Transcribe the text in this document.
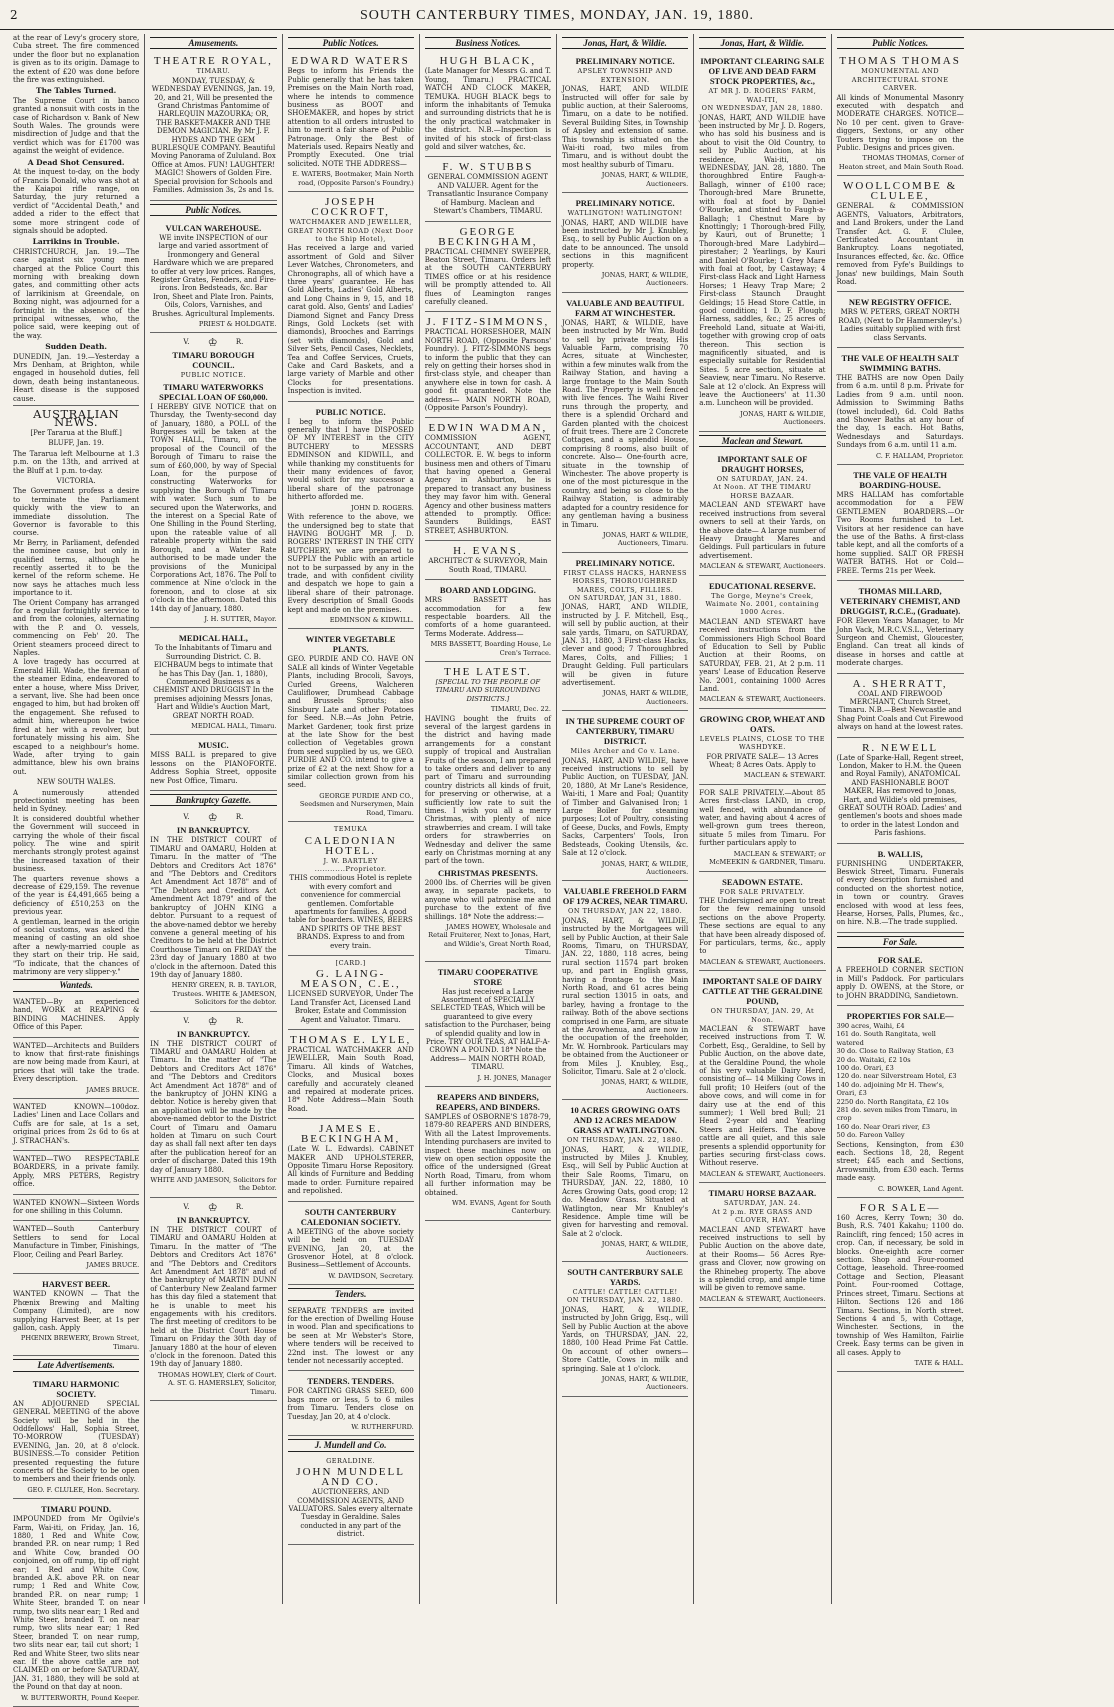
2	SOUTH CANTERBURY TIMES, MONDAY, JAN. 19, 1880.

at the rear of Levy's grocery store, Cuba street. The fire commenced under the floor but no explanation is given as to its origin. Damage to the extent of £20 was done before the fire was extinguished.

The Tables Turned.

The Supreme Court in banco granted a nonsuit with costs in the case of Richardson v. Bank of New South Wales. The grounds were misdirection of Judge and that the verdict which was for £1700 was against the weight of evidence.

A Dead Shot Censured.

At the inquest to-day, on the body of Francis Donald, who was shot at the Kaiapoi rifle range, on Saturday, the jury returned a verdict of "Accidental Death," and added a rider to the effect that some more stringent code of signals should be adopted.

Larrikins in Trouble.

CHRISTCHURCH, Jan. 19.—The case against six young men charged at the Police Court this morning with breaking down gates, and committing other acts of larrikinism at Greendale, on Boxing night, was adjourned for a fortnight in the absence of the principal witnesses, who, the police said, were keeping out of the way.

Sudden Death.

DUNEDIN, Jan. 19.—Yesterday a Mrs Denham, at Brighton, while engaged in household duties, fell down, death being instantaneous. Heart disease is the supposed cause.

AUSTRALIAN NEWS.
[Per Tararua at the Bluff.]
BLUFF, Jan. 19.

The Tararua left Melbourne at 1.3 p.m. on the 13th, and arrived at the Bluff at 1 p.m. to-day.

VICTORIA.

The Government profess a desire to terminate the Parliament quickly with the view to an immediate dissolution. The Governor is favorable to this course.

Mr Berry, in Parliament, defended the nominee cause, but only in qualified terms, although he recently asserted it to be the kernel of the reform scheme. He now says he attaches much less importance to it.

The Orient Company has arranged for a regular fortnightly service to and from the colonies, alternating with the P. and O. vessels, commencing on Feb' 20. The Orient steamers proceed direct to Naples.

A love tragedy has occurred at Emerald Hill. Wade, the fireman of the steamer Edina, endeavored to enter a house, where Miss Driver, a servant, live. She had been once engaged to him, but had broken off the engagement. She refused to admit him, whereupon he twice fired at her with a revolver, but fortunately missing his aim. She escaped to a neighbour's home. Wade, after trying to gain admittance, blew his own brains out.

NEW SOUTH WALES.

A numerously attended protectionist meeting has been held in Sydney.

It is considered doubtful whether the Government will succeed in carrying the whole of their fiscal policy. The wine and spirit merchants strongly protest against the increased taxation of their business.

The quarters revenue shows a decrease of £29,159. The revenue of the year is £4,491,665 being a deficiency of £510,253 on the previous year.

A gentleman, learned in the origin of social customs, was asked the meaning of casting an old shoe after a newly-married couple as they start on their trip. He said, "To indicate, that the chances of matrimony are very slipper-y."

Wanteds.

WANTED—By an experienced hand, WORK at REAPING & BINDING MACHINES. Apply Office of this Paper.

WANTED—Architects and Builders to know that first-rate finishings are now being made from Kauri, at prices that will take the trade. Every description.

JAMES BRUCE.

WANTED KNOWN—100doz. Ladies' Linen and Lace Collars and Cuffs are for sale, at 1s a set, original prices from 2s 6d to 6s at J. STRACHAN's.

WANTED—TWO RESPECTABLE BOARDERS, in a private family. Apply, MRS PETERS, Registry office.

WANTED KNOWN—Sixteen Words for one shilling in this Column.

WANTED—South Canterbury Settlers to send for Local Manufacture in Timber, Finishings, Floor, Ceiling and Pearl Barley.

JAMES BRUCE.
HARVEST BEER.

WANTED KNOWN — That the Phœnix Brewing and Malting Company (Limited), are now supplying Harvest Beer, at 1s per gallon, cash. Apply

PHŒNIX BREWERY, Brown Street, Timaru.
Late Advertisements.
TIMARU HARMONIC SOCIETY.

AN ADJOURNED SPECIAL GENERAL MEETING of the above Society will be held in the Oddfellows' Hall, Sophia Street, TO-MORROW (TUESDAY) EVENING, Jan. 20, at 8 o'clock. BUSINESS.—To consider Petition presented requesting the future concerts of the Society to be open to members and their friends only.

GEO. F. CLULEE, Hon. Secretary.
TIMARU POUND.

IMPOUNDED from Mr Ogilvie's Farm, Wai-iti, on Friday, Jan. 16, 1880, 1 Red and White Cow, branded P.R. on near rump; 1 Red and White Cow, branded OO conjoined, on off rump, tip off right ear; 1 Red and White Cow, branded A.K. above P.R. on near rump; 1 Red and White Cow, branded P.R. on near rump; 1 White Steer, branded T. on near rump, two slits near ear; 1 Red and White Steer, branded T. on near rump, two slits near ear; 1 Red Steer, branded T. on near rump, two slits near ear, tail cut short; 1 Red and White Steer, two slits near ear. If the above cattle are not CLAIMED on or before SATURDAY, JAN. 31, 1880, they will be sold at the Pound on that day at noon.

W. BUTTERWORTH, Pound Keeper.
Amusements.
THEATRE ROYAL,
TIMARU.

MONDAY, TUESDAY, & WEDNESDAY EVENINGS, Jan. 19, 20, and 21, Will be presented the Grand Christmas Pantomime of HARLEQUIN MAZOURKA; OR, THE BASKET-MAKER AND THE DEMON MAGICIAN. By Mr J. F. HYDES AND THE GEM BURLESQUE COMPANY. Beautiful Moving Panorama of Zululand. Box Office at Amos. FUN! LAUGHTER! MAGIC! Showers of Golden Fire. Special provision for Schools and Families. Admission 3s, 2s and 1s.

Public Notices.
VULCAN WAREHOUSE.

WE invite INSPECTION of our large and varied assortment of Ironmongery and General Hardware which we are prepared to offer at very low prices. Ranges, Register Grates, Fenders, and Fire-irons. Iron Bedsteads, &c. Bar Iron, Sheet and Plate Iron. Paints, Oils, Colors, Varnishes, and Brushes. Agricultural Implements.

PRIEST & HOLDGATE.
V. ♔	R.
TIMARU BOROUGH COUNCIL.
PUBLIC NOTICE.
TIMARU WATERWORKS SPECIAL LOAN OF £60,000.

I HEREBY GIVE NOTICE that on Thursday, the Twenty-second day of January, 1880, a POLL of the Burgesses will be taken at the TOWN HALL, Timaru, on the proposal of the Council of the Borough of Timaru to raise the sum of £60,000, by way of Special Loan, for the purpose of constructing Waterworks for supplying the Borough of Timaru with water. Such sum to be secured upon the Waterworks, and the interest on a Special Rate of One Shilling in the Pound Sterling, upon the rateable value of all rateable property within the said Borough, and a Water Rate authorised to be made under the provisions of the Municipal Corporations Act, 1876. The Poll to commence at Nine o'clock in the forenoon, and to close at six o'clock in the afternoon. Dated this 14th day of January, 1880.

J. H. SUTTER, Mayor.
MEDICAL HALL,

To the Inhabitants of Timaru and Surrounding District. C. B. EICHBAUM begs to intimate that he has This Day (Jan. 1, 1880), Commenced Business as a CHEMIST AND DRUGGIST In the premises adjoining Messrs Jonas, Hart and Wildie's Auction Mart, GREAT NORTH ROAD.

MEDICAL HALL, Timaru.
MUSIC.

MISS BALL is prepared to give lessons on the PIANOFORTE. Address Sophia Street, opposite new Post Office, Timaru.

Bankruptcy Gazette.
V. ♔	R.
IN BANKRUPTCY.

IN THE DISTRICT COURT of TIMARU and OAMARU, Holden at Timaru. In the matter of "The Debtors and Creditors Act 1876" and "The Debtors and Creditors Act Amendment Act 1878" and of "The Debtors and Creditors Act Amendment Act 1879" and of the bankruptcy of JOHN KING a debtor. Pursuant to a request of the above-named debtor we hereby convene a general meeting of his Creditors to be held at the District Courthouse Timaru on FRIDAY the 23rd day of January 1880 at two o'clock in the afternoon. Dated this 19th day of January 1880.

HENRY GREEN, R. B. TAYLOR, Trustees. WHITE & JAMESON, Solicitors for the debtor.
V. ♔	R.
IN BANKRUPTCY.

IN THE DISTRICT COURT of TIMARU and OAMARU Holden at Timaru. In the matter of "The Debtors and Creditors Act 1876" and "The Debtors and Creditors Act Amendment Act 1878" and of the bankruptcy of JOHN KING a debtor. Notice is hereby given that an application will be made by the above-named debtor to the District Court of Timaru and Oamaru holden at Timaru on such Court day as shall fall next after ten days after the publication hereof for an order of discharge. Dated this 19th day of January 1880.

WHITE AND JAMESON, Solicitors for the Debtor.
V. ♔	R.
IN BANKRUPTCY.

IN THE DISTRICT COURT of TIMARU and OAMARU Holden at Timaru. In the matter of "The Debtors and Creditors Act 1876" and "The Debtors and Creditors Act Amendment Act 1878" and of the bankruptcy of MARTIN DUNN of Canterbury New Zealand farmer has this day filed a statement that he is unable to meet his engagements with his creditors. The first meeting of creditors to be held at the District Court House Timaru on Friday the 30th day of January 1880 at the hour of eleven o'clock in the forenoon. Dated this 19th day of January 1880.

THOMAS HOWLEY, Clerk of Court. A. ST. G. HAMERSLEY, Solicitor, Timaru.
Public Notices.
EDWARD WATERS

Begs to inform his Friends the Public generally that he has taken Premises on the Main North road, where he intends to commence business as BOOT and SHOEMAKER, and hopes by strict attention to all orders intrusted to him to merit a fair share of Public Patronage. Only the Best of Materials used. Repairs Neatly and Promptly Executed. One trial solicited. NOTE THE ADDRESS—

E. WATERS, Bootmaker, Main North road, (Opposite Parson's Foundry.)
JOSEPH COCKROFT,
WATCHMAKER AND JEWELLER,
GREAT NORTH ROAD (Next Door to the Ship Hotel),

Has received a large and varied assortment of Gold and Silver Lever Watches, Chronometers, and Chronographs, all of which have a three years' guarantee. He has Gold Alberts, Ladies' Gold Alberts, and Long Chains in 9, 15, and 18 carat gold. Also, Gents' and Ladies' Diamond Signet and Fancy Dress Rings, Gold Lockets (set with diamonds), Brooches and Earrings (set with diamonds), Gold and Silver Sets, Pencil Cases, Necklets, Tea and Coffee Services, Cruets, Cake and Card Baskets, and a large variety of Marble and other Clocks for presentations. Inspection is invited.

PUBLIC NOTICE.

I beg to inform the Public generally that I have DISPOSED OF MY INTEREST in the CITY BUTCHERY to MESSRS EDMINSON and KIDWILL, and while thanking my constituents for their many evidences of favor, would solicit for my successor a liberal share of the patronage hitherto afforded me.

JOHN D. ROGERS.

With reference to the above, we the undersigned beg to state that HAVING BOUGHT MR J. D. ROGERS' INTEREST IN THE CITY BUTCHERY, we are prepared to SUPPLY the Public with an article not to be surpassed by any in the trade, and with confident civility and despatch we hope to gain a liberal share of their patronage. Every description of Small Goods kept and made on the premises.

EDMINSON & KIDWILL.
WINTER VEGETABLE PLANTS.

GEO. PURDIE AND CO. HAVE ON SALE all kinds of Winter Vegetable Plants, including Brocoli, Savoys, Curled Greens, Walcheren Cauliflower, Drumhead Cabbage and Brussels Sprouts; also Sinsbury Late and other Potatoes for Seed. N.B.—As John Petrie, Market Gardener, took first prize at the late Show for the best collection of Vegetables grown from seed supplied by us, we GEO. PURDIE AND CO. intend to give a prize of £2 at the next Show for a similar collection grown from his seed.

GEORGE PURDIE AND CO., Seedsmen and Nurserymen, Main Road, Timaru.
TEMUKA
CALEDONIAN HOTEL.
J. W. BARTLEY ............Proprietor.

THIS commodious Hotel is replete with every comfort and convenience for commercial gentlemen. Comfortable apartments for families. A good table for boarders. WINES, BEERS AND SPIRITS OF THE BEST BRANDS. Express to and from every train.

[CARD.]
G. LAING-MEASON, C.E.,

LICENSED SURVEYOR, Under The Land Transfer Act, Licensed Land Broker, Estate and Commission Agent and Valuator. Timaru.

THOMAS E. LYLE,

PRACTICAL WATCHMAKER AND JEWELLER, Main South Road, Timaru. All kinds of Watches, Clocks, and Musical boxes carefully and accurately cleaned and repaired at moderate prices. 18* Note Address—Main South Road.

JAMES E. BECKINGHAM,

(Late W. L. Edwards). CABINET MAKER AND UPHOLSTERER, Opposite Timaru Horse Repository. All kinds of Furniture and Bedding made to order. Furniture repaired and repolished.

SOUTH CANTERBURY CALEDONIAN SOCIETY.

A MEETING of the above society will be held on TUESDAY EVENING, Jan 20, at the Grosvenor Hotel, at 8 o'clock. Business—Settlement of Accounts.

W. DAVIDSON, Secretary.
Tenders.

SEPARATE TENDERS are invited for the erection of Dwelling House in wood. Plan and specifications to be seen at Mr Webster's Store, where tenders will be received to 22nd inst. The lowest or any tender not necessarily accepted.

TENDERS. TENDERS.

FOR CARTING GRASS SEED, 600 bags more or less, 5 to 6 miles from Timaru. Tenders close on Tuesday, Jan 20, at 4 o'clock.

W. RUTHERFURD.
J. Mundell and Co.
GERALDINE.
JOHN MUNDELL AND CO.

AUCTIONEERS, AND COMMISSION AGENTS, AND VALUATORS. Sales every alternate Tuesday in Geraldine. Sales conducted in any part of the district.

Business Notices.
HUGH BLACK,

(Late Manager for Messrs G. and T. Young, Timaru.) PRACTICAL WATCH AND CLOCK MAKER, TEMUKA. HUGH BLACK begs to inform the inhabitants of Temuka and surrounding districts that he is the only practical watchmaker in the district. N.B.—Inspection is invited of his stock of first-class gold and silver watches, &c.

F. W. STUBBS

GENERAL COMMISSION AGENT AND VALUER. Agent for the Transatlantic Insurance Company of Hamburg. Maclean and Stewart's Chambers, TIMARU.

GEORGE BECKINGHAM,

PRACTICAL CHIMNEY SWEEPER, Beaton Street, Timaru. Orders left at the SOUTH CANTERBURY TIMES office or at his residence will be promptly attended to. All flues of Leamington ranges carefully cleaned.

J. FITZ-SIMMONS,

PRACTICAL HORSESHOER, MAIN NORTH ROAD, (Opposite Parsons' Foundry). J. FITZ-SIMMONS begs to inform the public that they can rely on getting their horses shod in first-class style, and cheaper than anywhere else in town for cash. A good fit guaranteed. Note the address— MAIN NORTH ROAD, (Opposite Parson's Foundry).

EDWIN WADMAN,

COMMISSION AGENT, ACCOUNTANT, AND DEBT COLLECTOR. E. W. begs to inform business men and others of Timaru that having opened a General Agency in Ashburton, he is prepared to transact any business they may favor him with. General Agency and other business matters attended to promptly. Office: Saunders Buildings, EAST STREET, ASHBURTON.

H. EVANS,

ARCHITECT & SURVEYOR, Main South Road, TIMARU.

BOARD AND LODGING.

MRS BASSETT has accommodation for a few respectable boarders. All the comforts of a home guaranteed. Terms Moderate. Address—

MRS BASSETT, Boarding House, Le Cren's Terrace.
THE LATEST.
[SPECIAL TO THE PEOPLE OF TIMARU AND SURROUNDING DISTRICTS.]
TIMARU, Dec. 22.

HAVING bought the fruits of several of the largest gardens in the district and having made arrangements for a constant supply of tropical and Australian Fruits of the season, I am prepared to take orders and deliver to any part of Timaru and surrounding country districts all kinds of fruit, for preserving or otherwise, at a sufficiently low rate to suit the times. I wish you all a merry Christmas, with plenty of nice strawberries and cream. I will take orders for strawberries on Wednesday and deliver the same early on Christmas morning at any part of the town.

CHRISTMAS PRESENTS.

2000 lbs. of Cherries will be given away, in separate packets, to anyone who will patronise me and purchase to the extent of five shillings. 18* Note the address:—

JAMES HOWEY, Wholesale and Retail Fruiterer, Next to Jonas, Hart, and Wildie's, Great North Road, Timaru.
TIMARU COOPERATIVE STORE

Has just received a Large Assortment of SPECIALLY SELECTED TEAS, Which will be guaranteed to give every satisfaction to the Purchaser, being of splendid quality and low in Price. TRY OUR TEAS, AT HALF-A-CROWN A POUND. 18* Note the Address— MAIN NORTH ROAD, TIMARU.

J. H. JONES, Manager
REAPERS AND BINDERS, REAPERS, AND BINDERS.

SAMPLES of OSBORNE'S 1878-79, 1879-80 REAPERS AND BINDERS, With all the Latest Improvements. Intending purchasers are invited to inspect these machines now on view on open section opposite the office of the undersigned (Great North Road, Timaru, from whom all further information may be obtained.

WM. EVANS, Agent for South Canterbury.
Jonas, Hart, & Wildie.
PRELIMINARY NOTICE.
APSLEY TOWNSHIP AND EXTENSION.

JONAS, HART, AND WILDIE Instructed will offer for sale by public auction, at their Salerooms, Timaru, on a date to be notified. Several Building Sites, in Township of Apsley and extension of same. This township is situated on the Wai-iti road, two miles from Timaru, and is without doubt the most healthy suburb of Timaru.

JONAS, HART, & WILDIE, Auctioneers.
PRELIMINARY NOTICE.
WATLINGTON! WATLINGTON!

JONAS, HART, AND WILDIE have been instructed by Mr J. Knubley, Esq., to sell by Public Auction on a date to be announced. The unsold sections in this magnificent property.

JONAS, HART, & WILDIE, Auctioneers.
VALUABLE AND BEAUTIFUL FARM AT WINCHESTER.

JONAS, HART, & WILDIE, have been instructed by Mr Wm. Budd to sell by private treaty, His Valuable Farm, comprising 70 Acres, situate at Winchester, within a few minutes walk from the Railway Station, and having a large frontage to the Main South Road. The Property is well fenced with live fences. The Waihi River runs through the property, and there is a splendid Orchard and Garden planted with the choicest of fruit trees. There are 2 Concrete Cottages, and a splendid House, comprising 8 rooms, also built of concrete. Also— One-fourth acre, situate in the township of Winchester. The above property is one of the most picturesque in the country, and being so close to the Railway Station, is admirably adapted for a country residence for any gentleman having a business in Timaru.

JONAS, HART & WILDIE, Auctioneers, Timaru.
PRELIMINARY NOTICE.
FIRST CLASS HACKS, HARNESS HORSES, THOROUGHBRED MARES, COLTS, FILLIES.
ON SATURDAY, JAN 31, 1880.

JONAS, HART, AND WILDIE, instructed by J. F. Mitchell, Esq., will sell by public auction, at their sale yards, Timaru, on SATURDAY, JAN. 31, 1880, 3 First-class Hacks, clever and good; 7 Thoroughbred Mares, Colts, and Fillies; 1 Draught Gelding. Full particulars will be given in future advertisement.

JONAS, HART & WILDIE, Auctioneers.
IN THE SUPREME COURT OF CANTERBURY, TIMARU DISTRICT.
Miles Archer and Co v. Lane.

JONAS, HART, AND WILDIE, have received instructions to sell by Public Auction, on TUESDAY, JAN. 20, 1880, At Mr Lane's Residence, Wai-iti, 1 Mare and Foal; Quantity of Timber and Galvanised Iron; 1 Large Boiler for steaming purposes; Lot of Poultry, consisting of Geese, Ducks, and Fowls, Empty Sacks, Carpenters' Tools, Iron Bedsteads, Cooking Utensils, &c. Sale at 12 o'clock.

JONAS, HART, & WILDIE, Auctioneers.
VALUABLE FREEHOLD FARM OF 179 ACRES, NEAR TIMARU.
ON THURSDAY, JAN 22, 1880.

JONAS, HART, & WILDIE, instructed by the Mortgagees will sell by Public Auction, at their Sale Rooms, Timaru, on THURSDAY, JAN. 22, 1880, 118 acres, being rural section 11574 part broken up, and part in English grass, having a frontage to the Main North Road, and 61 acres being rural section 13015 in oats, and barley, having a frontage to the railway. Both of the above sections comprised in one Farm, are situate at the Arowhenua, and are now in the occupation of the freeholder, Mr. W. Hornbrook. Particulars may be obtained from the Auctioneer or from Miles J. Knubley, Esq., Solicitor, Timaru. Sale at 2 o'clock.

JONAS, HART, & WILDIE, Auctioneers.
10 ACRES GROWING OATS AND 12 ACRES MEADOW GRASS AT WATLINGTON.
ON THURSDAY, JAN. 22, 1880.

JONAS, HART, & WILDIE, instructed by Miles J. Knubley, Esq., will Sell by Public Auction at their Sale Rooms, Timaru, on THURSDAY, JAN. 22, 1880, 10 Acres Growing Oats, good crop; 12 do. Meadow Grass. Situated at Watlington, near Mr Knubley's Residence. Ample time will be given for harvesting and removal. Sale at 2 o'clock.

JONAS, HART, & WILDIE, Auctioneers.
SOUTH CANTERBURY SALE YARDS.
CATTLE! CATTLE! CATTLE!
ON THURSDAY, JAN. 22, 1880.

JONAS, HART, & WILDIE, instructed by John Grigg, Esq., will Sell by Public Auction at the above Yards, on THURSDAY, JAN. 22, 1880, 100 Head Prime Fat Cattle. On account of other owners— Store Cattle, Cows in milk and springing. Sale at 1 o'clock.

JONAS, HART, & WILDIE, Auctioneers.
Jonas, Hart, & Wildie.
IMPORTANT CLEARING SALE OF LIVE AND DEAD FARM STOCK PROPERTIES, &c.,
AT MR J. D. ROGERS' FARM, WAI-ITI,
ON WEDNESDAY, JAN 28, 1880.

JONAS, HART, AND WILDIE have been instructed by Mr J. D. Rogers, who has sold his business and is about to visit the Old Country, to sell by Public Auction, at his residence, Wai-iti, on WEDNESDAY, JAN. 28, 1880. The thoroughbred Entire Faugh-a-Ballagh, winner of £100 race; Thorough-bred Mare Brunette, with foal at foot by Daniel O'Rourke, and stinted to Faugh-a-Ballagh; 1 Chestnut Mare by Knottingly; 1 Thorough-bred Filly, by Kauri, out of Brunette; 1 Thorough-bred Mare Ladybird—pirestaher; 2 Yearlings, by Kauri and Daniel O'Rourke; 1 Grey Mare with foal at foot, by Castaway; 4 First-class Hack and Light Harness Horses; 1 Heavy Trap Mare; 2 First-class Staunch Draught Geldings; 15 Head Store Cattle, in good condition; 1 D. F. Plough; Harness, saddles, &c.; 25 acres of Freehold Land, situate at Wai-iti, together with growing crop of oats thereon. This section is magnificently situated, and is especially suitable for Residential Sites. 5 acre section, situate at Seaview, near Timaru. No Reserve. Sale at 12 o'clock. An Express will leave the Auctioneers' at 11.30 a.m. Luncheon will be provided.

JONAS, HART & WILDIE, Auctioneers.
Maclean and Stewart.
IMPORTANT SALE OF DRAUGHT HORSES,
ON SATURDAY, JAN. 24.
At Noon. AT THE TIMARU HORSE BAZAAR.

MACLEAN AND STEWART have received instructions from several owners to sell at their Yards, on the above date— A large number of Heavy Draught Mares and Geldings. Full particulars in future advertisement.

MACLEAN & STEWART, Auctioneers.
EDUCATIONAL RESERVE.
The Gorge, Meyne's Creek, Waimate No. 2001, containing 1000 Acres.

MACLEAN AND STEWART have received instructions from the Commissioners High School Board of Education to Sell by Public Auction at their Rooms, on SATURDAY, FEB. 21, At 2 p.m. 11 years' Lease of Education Reserve No. 2001, containing 1000 Acres Land.

MACLEAN & STEWART, Auctioneers.
GROWING CROP, WHEAT AND OATS.
LEVELS PLAINS, CLOSE TO THE WASHDYKE.

FOR PRIVATE SALE— 13 Acres Wheat; 8 Acres Oats. Apply to

MACLEAN & STEWART.

FOR SALE PRIVATELY.—About 85 Acres first-class LAND, in crop, well fenced, with abundance of water, and having about 4 acres of well-grown gum trees thereon, situate 5 miles from Timaru. For further particulars apply to

MACLEAN & STEWART; or McMEEKIN & GARDNER, Timaru.
SEADOWN ESTATE.
FOR SALE PRIVATELY.

THE Undersigned are open to treat for the few remaining unsold sections on the above Property. These sections are equal to any that have been already disposed of. For particulars, terms, &c., apply to

MACLEAN & STEWART, Auctioneers.
IMPORTANT SALE OF DAIRY CATTLE AT THE GERALDINE POUND,
ON THURSDAY, JAN. 29, At Noon.

MACLEAN & STEWART have received instructions from T. W. Corbett, Esq., Geraldine, to Sell by Public Auction, on the above date, at the Geraldine Pound, the whole of his very valuable Dairy Herd, consisting of— 14 Milking Cows in full profit; 10 Heifers (out of the above cows, and will come in for dairy use at the end of this summer); 1 Well bred Bull; 21 Head 2-year old and Yearling Steers and Heifers. The above cattle are all quiet, and this sale presents a splendid opportunity for parties securing first-class cows. Without reserve.

MACLEAN & STEWART, Auctioneers.
TIMARU HORSE BAZAAR.
SATURDAY, JAN. 24.
At 2 p.m. RYE GRASS AND CLOVER, HAY.

MACLEAN AND STEWART have received instructions to sell by Public Auction on the above date, at their Rooms— 56 Acres Rye-grass and Clover, now growing on the Rhinebeg property. The above is a splendid crop, and ample time will be given to remove same.

MACLEAN & STEWART, Auctioneers.
Public Notices.
THOMAS THOMAS
MONUMENTAL AND ARCHITECTURAL STONE CARVER.

All kinds of Monumental Masonry executed with despatch and MODERATE CHARGES. NOTICE—No 10 per cent. given to Grave-diggers, Sextons, or any other Touters trying to impose on the Public. Designs and prices given.

THOMAS THOMAS, Corner of Heaton street, and Main South Road.
WOOLLCOMBE & CLULEE,

GENERAL & COMMISSION AGENTS, Valuators, Arbitrators, and Land Brokers, under the Land Transfer Act. G. F. Clulee, Certificated Accountant in Bankruptcy. Loans negotiated, Insurances effected, &c. &c. Office removed from Fyfe's Buildings to Jonas' new buildings, Main South Road.

NEW REGISTRY OFFICE.

MRS W. PETERS, GREAT NORTH ROAD, (Next to Dr Hammersley's.) Ladies suitably supplied with first class Servants.

THE VALE OF HEALTH SALT SWIMMING BATHS.

THE BATHS are now Open Daily from 6 a.m. until 8 p.m. Private for Ladies from 9 a.m. until noon. Admission to Swimming Baths (towel included), 6d. Cold Baths and Shower Baths at any hour of the day, 1s each. Hot Baths, Wednesdays and Saturdays. Sundays from 6 a.m. until 11 a.m.

C. F. HALLAM, Proprietor.
THE VALE OF HEALTH BOARDING-HOUSE.

MRS HALLAM has comfortable accommodation for a FEW GENTLEMEN BOARDERS.—Or Two Rooms furnished to Let. Visitors at her residence can have the use of the Baths. A first-class table kept, and all the comforts of a home supplied. SALT OR FRESH WATER BATHS. Hot or Cold—FREE. Terms 21s per Week.

THOMAS MILLARD, VETERINARY CHEMIST, AND DRUGGIST, R.C.E., (Graduate).

FOR Eleven Years Manager, to Mr John Vack, M.R.C.V.S.L., Veterinary Surgeon and Chemist, Gloucester, England. Can treat all kinds of disease in horses and cattle at moderate charges.

A. SHERRATT,

COAL AND FIREWOOD MERCHANT, Church Street, Timaru. N.B.—Best Newcastle and Shag Point Coals and Cut Firewood always on hand at the lowest rates.

R. NEWELL

(Late of Sparke-Hall, Regent street, London, Maker to H.M. the Queen and Royal Family), ANATOMICAL AND FASHIONABLE BOOT MAKER, Has removed to Jonas, Hart, and Wildie's old premises, GREAT SOUTH ROAD. Ladies' and gentlemen's boots and shoes made to order in the latest London and Paris fashions.

B. WALLIS,

FURNISHING UNDERTAKER, Beswick Street, Timaru. Funerals of every description furnished and conducted on the shortest notice, in town or country. Graves enclosed with wood at less fees, Hearse, Horses, Palls, Plumes, &c., on hire. N.B.—The trade supplied.

For Sale.
FOR SALE.

A FREEHOLD CORNER SECTION in Mill's Paddock. For particulars apply D. OWENS, at the Store, or to JOHN BRADDING, Sandietown.

PROPERTIES FOR SALE—
390 acres, Waihi, £4
161 do. South Rangitata, well watered
30 do. Close to Railway Station, £3
20 do. Waitaki, £2 10s
100 do. Orari, £3
120 do. near Silverstream Hotel, £3
140 do. adjoining Mr H. Thew's, Orari, £3
2250 do. North Rangitata, £2 10s
281 do. seven miles from Timaru, in crop
160 do. Near Orari river, £3
50 do. Fareon Valley

Sections, Kensington, from £30 each. Sections 18, 28, Regent street; £45 each and Sections, Arrowsmith, from £30 each. Terms made easy.

C. BOWKER, Land Agent.
FOR SALE—

160 Acres, Kerry Town; 30 do. Bush, R.S. 7401 Kakahu; 1100 do. Rainclift, ring fenced; 150 acres in crop. Can, if necessary, be sold in blocks. One-eighth acre corner section. Shop and Four-roomed Cottage, leasehold. Three-roomed Cottage and Section, Pleasant Point. Four-roomed Cottage, Princes street, Timaru. Sections at Hilton. Sections 126 and 186 Timaru. Sections, in North street. Sections 4 and 5, with Cottage, Winchester. Sections, in the township of Wes Hamilton, Fairlie Creek. Easy terms can be given in all cases. Apply to

TATE & HALL.
